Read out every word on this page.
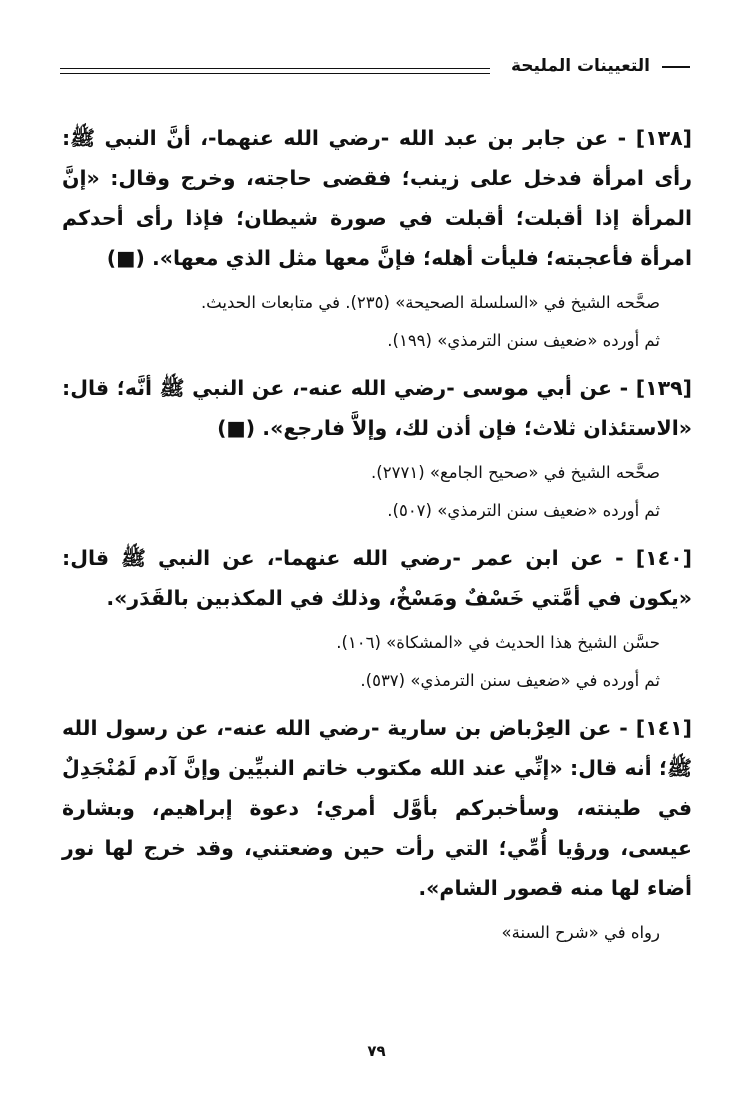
التعيينات المليحة

[١٣٨] - عن جابر بن عبد الله -رضي الله عنهما-، أنَّ النبي ﷺ: رأى امرأة فدخل على زينب؛ فقضى حاجته، وخرج وقال: «إنَّ المرأة إذا أقبلت؛ أقبلت في صورة شيطان؛ فإذا رأى أحدكم امرأة فأعجبته؛ فليأت أهله؛ فإنَّ معها مثل الذي معها». (■)

صحَّحه الشيخ في «السلسلة الصحيحة» (٢٣٥). في متابعات الحديث.

ثم أورده «ضعيف سنن الترمذي» (١٩٩).

[١٣٩] - عن أبي موسى -رضي الله عنه-، عن النبي ﷺ أنَّه؛ قال: «الاستئذان ثلاث؛ فإن أذن لك، وإلاَّ فارجع». (■)

صحَّحه الشيخ في «صحيح الجامع» (٢٧٧١).

ثم أورده «ضعيف سنن الترمذي» (٥٠٧).

[١٤٠] - عن ابن عمر -رضي الله عنهما-، عن النبي ﷺ قال: «يكون في أمَّتي خَسْفٌ ومَسْخٌ، وذلك في المكذبين بالقَدَر».

حسَّن الشيخ هذا الحديث في «المشكاة» (١٠٦).

ثم أورده في «ضعيف سنن الترمذي» (٥٣٧).

[١٤١] - عن العِرْباض بن سارية -رضي الله عنه-، عن رسول الله ﷺ؛ أنه قال: «إنِّي عند الله مكتوب خاتم النبيِّين وإنَّ آدم لَمُنْجَدِلٌ في طينته، وسأخبركم بأوَّل أمري؛ دعوة إبراهيم، وبشارة عيسى، ورؤيا أُمِّي؛ التي رأت حين وضعتني، وقد خرج لها نور أضاء لها منه قصور الشام».

رواه في «شرح السنة»

٧٩
